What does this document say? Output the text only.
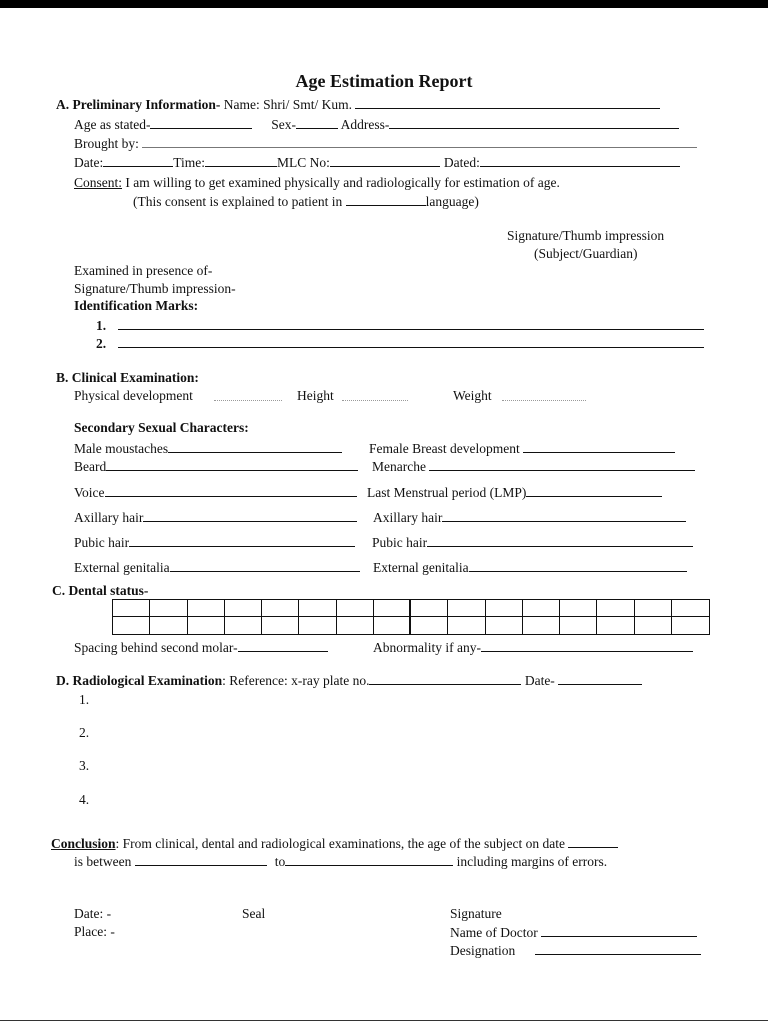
Age Estimation Report
A. Preliminary Information- Name: Shri/ Smt/ Kum.
Age as stated-	Sex-	Address-
Brought by:
Date:	Time:	MLC No:	Dated:
Consent: I am willing to get examined physically and radiologically for estimation of age.
(This consent is explained to patient in	language)
Signature/Thumb impression
(Subject/Guardian)
Examined in presence of-
Signature/Thumb impression-
Identification Marks:
1.
2.
B. Clinical Examination:
Physical development	Height	Weight
Secondary Sexual Characters:
Male moustaches	Female Breast development
Beard	Menarche
Voice	Last Menstrual period (LMP)
Axillary hair	Axillary hair
Pubic hair	Pubic hair
External genitalia	External genitalia
C. Dental status-
Spacing behind second molar-	Abnormality if any-
D. Radiological Examination: Reference: x-ray plate no.	Date-
1.
2.
3.
4.
Conclusion: From clinical, dental and radiological examinations, the age of the subject on date
is between	to	including margins of errors.
Date: -
Place: -
Seal	Signature
Name of Doctor
Designation
